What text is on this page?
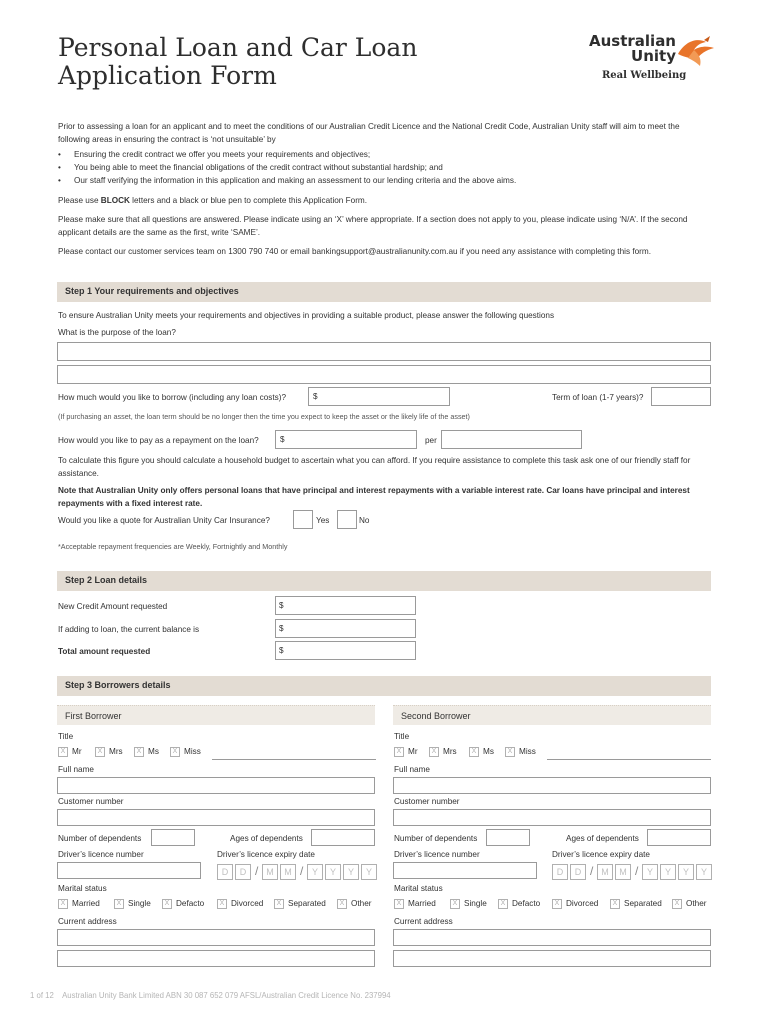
Personal Loan and Car Loan
Application Form
Australian
Unity
Real Wellbeing
Prior to assessing a loan for an applicant and to meet the conditions of our Australian Credit Licence and the National Credit Code, Australian Unity staff will aim to meet the following areas in ensuring the contract is ‘not unsuitable’ by
• Ensuring the credit contract we offer you meets your requirements and objectives;
• You being able to meet the financial obligations of the credit contract without substantial hardship; and
• Our staff verifying the information in this application and making an assessment to our lending criteria and the above aims.
Please use BLOCK letters and a black or blue pen to complete this Application Form.
Please make sure that all questions are answered. Please indicate using an ‘X’ where appropriate. If a section does not apply to you, please indicate using ‘N/A’. If the second applicant details are the same as the first, write ‘SAME’.
Please contact our customer services team on 1300 790 740 or email bankingsupport@australianunity.com.au if you need any assistance with completing this form.
Step 1 Your requirements and objectives
To ensure Australian Unity meets your requirements and objectives in providing a suitable product, please answer the following questions
What is the purpose of the loan?
How much would you like to borrow (including any loan costs)?	$	Term of loan (1-7 years)?
(If purchasing an asset, the loan term should be no longer then the time you expect to keep the asset or the likely life of the asset)
How would you like to pay as a repayment on the loan?	$	per
To calculate this figure you should calculate a household budget to ascertain what you can afford. If you require assistance to complete this task ask one of our friendly staff for assistance.
Note that Australian Unity only offers personal loans that have principal and interest repayments with a variable interest rate. Car loans have principal and interest repayments with a fixed interest rate.
Would you like a quote for Australian Unity Car Insurance?	Yes	No
*Acceptable repayment frequencies are Weekly, Fortnightly and Monthly
Step 2 Loan details
New Credit Amount requested	$
If adding to loan, the current balance is	$
Total amount requested	$
Step 3 Borrowers details
First Borrower
Title
X Mr	X Mrs	X Ms	X Miss
Full name
Customer number
Number of dependents	Ages of dependents
Driver’s licence number	Driver’s licence expiry date
D	D / M	M / Y	Y	Y	Y
Marital status
X Married	X Single	X Defacto	X Divorced	X Separated	X Other
Current address
Second Borrower
Title
X Mr	X Mrs	X Ms	X Miss
Full name
Customer number
Number of dependents	Ages of dependents
Driver’s licence number	Driver’s licence expiry date
D	D / M	M / Y	Y	Y	Y
Marital status
X Married	X Single	X Defacto	X Divorced	X Separated	X Other
Current address
1 of 12 Australian Unity Bank Limited ABN 30 087 652 079 AFSL/Australian Credit Licence No. 237994
